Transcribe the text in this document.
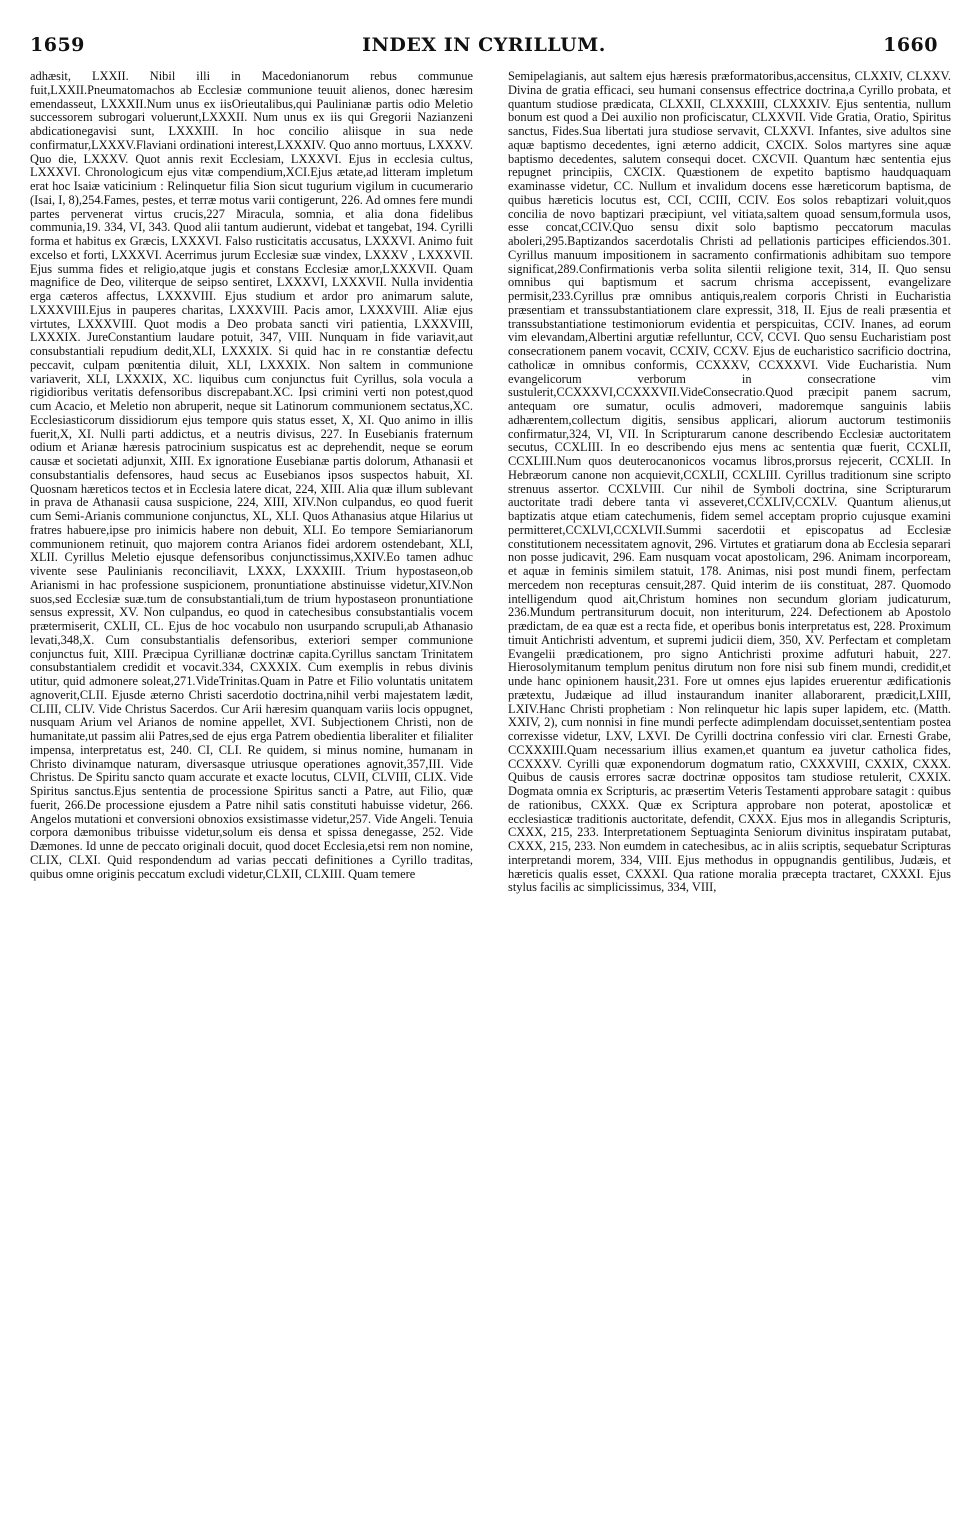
1659	INDEX IN CYRILLUM.	1660

adhæsit, LXXII. Nibil illi in Macedonianorum rebus communue fuit,LXXII.Pneumatomachos ab Ecclesiæ communione teuuit alienos, donec hæresim emendasseut, LXXXII.Num unus ex iisOrieutalibus,qui Paulinianæ partis odio Meletio successorem subrogari voluerunt,LXXXII. Num unus ex iis qui Gregorii Nazianzeni abdicationegavisi sunt, LXXXIII. In hoc concilio aliisque in sua nede confirmatur,LXXXV.Flaviani ordinationi interest,LXXXIV. Quo anno mortuus, LXXXV. Quo die, LXXXV. Quot annis rexit Ecclesiam, LXXXVI. Ejus in ecclesia cultus, LXXXVI. Chronologicum ejus vitæ compendium,XCI.Ejus ætate,ad litteram impletum erat hoc Isaiæ vaticinium : Relinquetur filia Sion sicut tugurium vigilum in cucumerario (Isai, I, 8),254.Fames, pestes, et terræ motus varii contigerunt, 226. Ad omnes fere mundi partes pervenerat virtus crucis,227 Miracula, somnia, et alia dona fidelibus communia,19. 334, VI, 343. Quod alii tantum audierunt, videbat et tangebat, 194. Cyrilli forma et habitus ex Græcis, LXXXVI. Falso rusticitatis accusatus, LXXXVI. Animo fuit excelso et forti, LXXXVI. Acerrimus jurum Ecclesiæ suæ vindex, LXXXV , LXXXVII. Ejus summa fides et religio,atque jugis et constans Ecclesiæ amor,LXXXVII. Quam magnifice de Deo, viliterque de seipso sentiret, LXXXVI, LXXXVII. Nulla invidentia erga cæteros affectus, LXXXVIII. Ejus studium et ardor pro animarum salute, LXXXVIII.Ejus in pauperes charitas, LXXXVIII. Pacis amor, LXXXVIII. Aliæ ejus virtutes, LXXXVIII. Quot modis a Deo probata sancti viri patientia, LXXXVIII, LXXXIX. JureConstantium laudare potuit, 347, VIII. Nunquam in fide variavit,aut consubstantiali repudium dedit,XLI, LXXXIX. Si quid hac in re constantiæ defectu peccavit, culpam pœnitentia diluit, XLI, LXXXIX. Non saltem in communione variaverit, XLI, LXXXIX, XC. liquibus cum conjunctus fuit Cyrillus, sola vocula a rigidioribus veritatis defensoribus discrepabant.XC. Ipsi crimini verti non potest,quod cum Acacio, et Meletio non abruperit, neque sit Latinorum communionem sectatus,XC. Ecclesiasticorum dissidiorum ejus tempore quis status esset, X, XI. Quo animo in illis fuerit,X, XI. Nulli parti addictus, et a neutris divisus, 227. In Eusebianis fraternum odium et Arianæ hæresis patrocinium suspicatus est ac deprehendit, neque se eorum causæ et societati adjunxit, XIII. Ex ignoratione Eusebianæ partis dolorum, Athanasii et consubstantialis defensores, haud secus ac Eusebianos ipsos suspectos habuit, XI. Quosnam hæreticos tectos et in Ecclesia latere dicat, 224, XIII. Alia quæ illum sublevant in prava de Athanasii causa suspicione, 224, XIII, XIV.Non culpandus, eo quod fuerit cum Semi-Arianis communione conjunctus, XL, XLI. Quos Athanasius atque Hilarius ut fratres habuere,ipse pro inimicis habere non debuit, XLI. Eo tempore Semiarianorum communionem retinuit, quo majorem contra Arianos fidei ardorem ostendebant, XLI, XLII. Cyrillus Meletio ejusque defensoribus conjunctissimus,XXIV.Eo tamen adhuc vivente sese Paulinianis reconciliavit, LXXX, LXXXIII. Trium hypostaseon,ob Arianismi in hac professione suspicionem, pronuntiatione abstinuisse videtur,XIV.Non suos,sed Ecclesiæ suæ.tum de consubstantiali,tum de trium hypostaseon pronuntiatione sensus expressit, XV. Non culpandus, eo quod in catechesibus consubstantialis vocem prætermiserit, CXLII, CL. Ejus de hoc vocabulo non usurpando scrupuli,ab Athanasio levati,348,X. Cum consubstantialis defensoribus, exteriori semper communione conjunctus fuit, XIII. Præcipua Cyrillianæ doctrinæ capita.Cyrillus sanctam Trinitatem consubstantialem credidit et vocavit.334, CXXXIX. Cum exemplis in rebus divinis utitur, quid admonere soleat,271.VideTrinitas.Quam in Patre et Filio voluntatis unitatem agnoverit,CLII. Ejusde æterno Christi sacerdotio doctrina,nihil verbi majestatem lædit, CLIII, CLIV. Vide Christus Sacerdos. Cur Arii hæresim quanquam variis locis oppugnet, nusquam Arium vel Arianos de nomine appellet, XVI. Subjectionem Christi, non de humanitate,ut passim alii Patres,sed de ejus erga Patrem obedientia liberaliter et filialiter impensa, interpretatus est, 240. CI, CLI. Re quidem, si minus nomine, humanam in Christo divinamque naturam, diversasque utriusque operationes agnovit,357,III. Vide Christus. De Spiritu sancto quam accurate et exacte locutus, CLVII, CLVIII, CLIX. Vide Spiritus sanctus.Ejus sententia de processione Spiritus sancti a Patre, aut Filio, quæ fuerit, 266.De processione ejusdem a Patre nihil satis constituti habuisse videtur, 266. Angelos mutationi et conversioni obnoxios exsistimasse videtur,257. Vide Angeli. Tenuia corpora dæmonibus tribuisse videtur,solum eis densa et spissa denegasse, 252. Vide Dæmones. Id unne de peccato originali docuit, quod docet Ecclesia,etsi rem non nomine, CLIX, CLXI. Quid respondendum ad varias peccati definitiones a Cyrillo traditas, quibus omne originis peccatum excludi videtur,CLXII, CLXIII. Quam temere

Semipelagianis, aut saltem ejus hæresis præformatoribus,accensitus, CLXXIV, CLXXV. Divina de gratia efficaci, seu humani consensus effectrice doctrina,a Cyrillo probata, et quantum studiose prædicata, CLXXII, CLXXXIII, CLXXXIV. Ejus sententia, nullum bonum est quod a Dei auxilio non proficiscatur, CLXXVII. Vide Gratia, Oratio, Spiritus sanctus, Fides.Sua libertati jura studiose servavit, CLXXVI. Infantes, sive adultos sine aquæ baptismo decedentes, igni æterno addicit, CXCIX. Solos martyres sine aquæ baptismo decedentes, salutem consequi docet. CXCVII. Quantum hæc sententia ejus repugnet principiis, CXCIX. Quæstionem de expetito baptismo haudquaquam examinasse videtur, CC. Nullum et invalidum docens esse hæreticorum baptisma, de quibus hæreticis locutus est, CCI, CCIII, CCIV. Eos solos rebaptizari voluit,quos concilia de novo baptizari præcipiunt, vel vitiata,saltem quoad sensum,formula usos, esse concat,CCIV.Quo sensu dixit solo baptismo peccatorum maculas aboleri,295.Baptizandos sacerdotalis Christi ad pellationis participes efficiendos.301. Cyrillus manuum impositionem in sacramento confirmationis adhibitam suo tempore significat,289.Confirmationis verba solita silentii religione texit, 314, II. Quo sensu omnibus qui baptismum et sacrum chrisma accepissent, evangelizare permisit,233.Cyrillus præ omnibus antiquis,realem corporis Christi in Eucharistia præsentiam et transsubstantiationem clare expressit, 318, II. Ejus de reali præsentia et transsubstantiatione testimoniorum evidentia et perspicuitas, CCIV. Inanes, ad eorum vim elevandam,Albertini argutiæ refelluntur, CCV, CCVI. Quo sensu Eucharistiam post consecrationem panem vocavit, CCXIV, CCXV. Ejus de eucharistico sacrificio doctrina, catholicæ in omnibus conformis, CCXXXV, CCXXXVI. Vide Eucharistia. Num evangelicorum verborum in consecratione vim sustulerit,CCXXXVI,CCXXXVII.VideConsecratio.Quod præcipit panem sacrum, antequam ore sumatur, oculis admoveri, madoremque sanguinis labiis adhærentem,collectum digitis, sensibus applicari, aliorum auctorum testimoniis confirmatur,324, VI, VII. In Scripturarum canone describendo Ecclesiæ auctoritatem secutus, CCXLIII. In eo describendo ejus mens ac sententia quæ fuerit, CCXLII, CCXLIII.Num quos deuterocanonicos vocamus libros,prorsus rejecerit, CCXLII. In Hebræorum canone non acquievit,CCXLII, CCXLIII. Cyrillus traditionum sine scripto strenuus assertor. CCXLVIII. Cur nihil de Symboli doctrina, sine Scripturarum auctoritate tradi debere tanta vi asseveret,CCXLIV,CCXLV. Quantum alienus,ut baptizatis atque etiam catechumenis, fidem semel acceptam proprio cujusque examini permitteret,CCXLVI,CCXLVII.Summi sacerdotii et episcopatus ad Ecclesiæ constitutionem necessitatem agnovit, 296. Virtutes et gratiarum dona ab Ecclesia separari non posse judicavit, 296. Eam nusquam vocat apostolicam, 296. Animam incorpoream, et aquæ in feminis similem statuit, 178. Animas, nisi post mundi finem, perfectam mercedem non recepturas censuit,287. Quid interim de iis constituat, 287. Quomodo intelligendum quod ait,Christum homines non secundum gloriam judicaturum, 236.Mundum pertransiturum docuit, non interiturum, 224. Defectionem ab Apostolo prædictam, de ea quæ est a recta fide, et operibus bonis interpretatus est, 228. Proximum timuit Antichristi adventum, et supremi judicii diem, 350, XV. Perfectam et completam Evangelii prædicationem, pro signo Antichristi proxime adfuturi habuit, 227. Hierosolymitanum templum penitus dirutum non fore nisi sub finem mundi, credidit,et unde hanc opinionem hausit,231. Fore ut omnes ejus lapides eruerentur ædificationis prætextu, Judæique ad illud instaurandum inaniter allaborarent, prædicit,LXIII, LXIV.Hanc Christi prophetiam : Non relinquetur hic lapis super lapidem, etc. (Matth. XXIV, 2), cum nonnisi in fine mundi perfecte adimplendam docuisset,sententiam postea correxisse videtur, LXV, LXVI. De Cyrilli doctrina confessio viri clar. Ernesti Grabe, CCXXXIII.Quam necessarium illius examen,et quantum ea juvetur catholica fides, CCXXXV. Cyrilli quæ exponendorum dogmatum ratio, CXXXVIII, CXXIX, CXXX. Quibus de causis errores sacræ doctrinæ oppositos tam studiose retulerit, CXXIX. Dogmata omnia ex Scripturis, ac præsertim Veteris Testamenti approbare satagit : quibus de rationibus, CXXX. Quæ ex Scriptura approbare non poterat, apostolicæ et ecclesiasticæ traditionis auctoritate, defendit, CXXX. Ejus mos in allegandis Scripturis, CXXX, 215, 233. Interpretationem Septuaginta Seniorum divinitus inspiratam putabat, CXXX, 215, 233. Non eumdem in catechesibus, ac in aliis scriptis, sequebatur Scripturas interpretandi morem, 334, VIII. Ejus methodus in oppugnandis gentilibus, Judæis, et hæreticis qualis esset, CXXXI. Qua ratione moralia præcepta tractaret, CXXXI. Ejus stylus facilis ac simplicissimus, 334, VIII,
